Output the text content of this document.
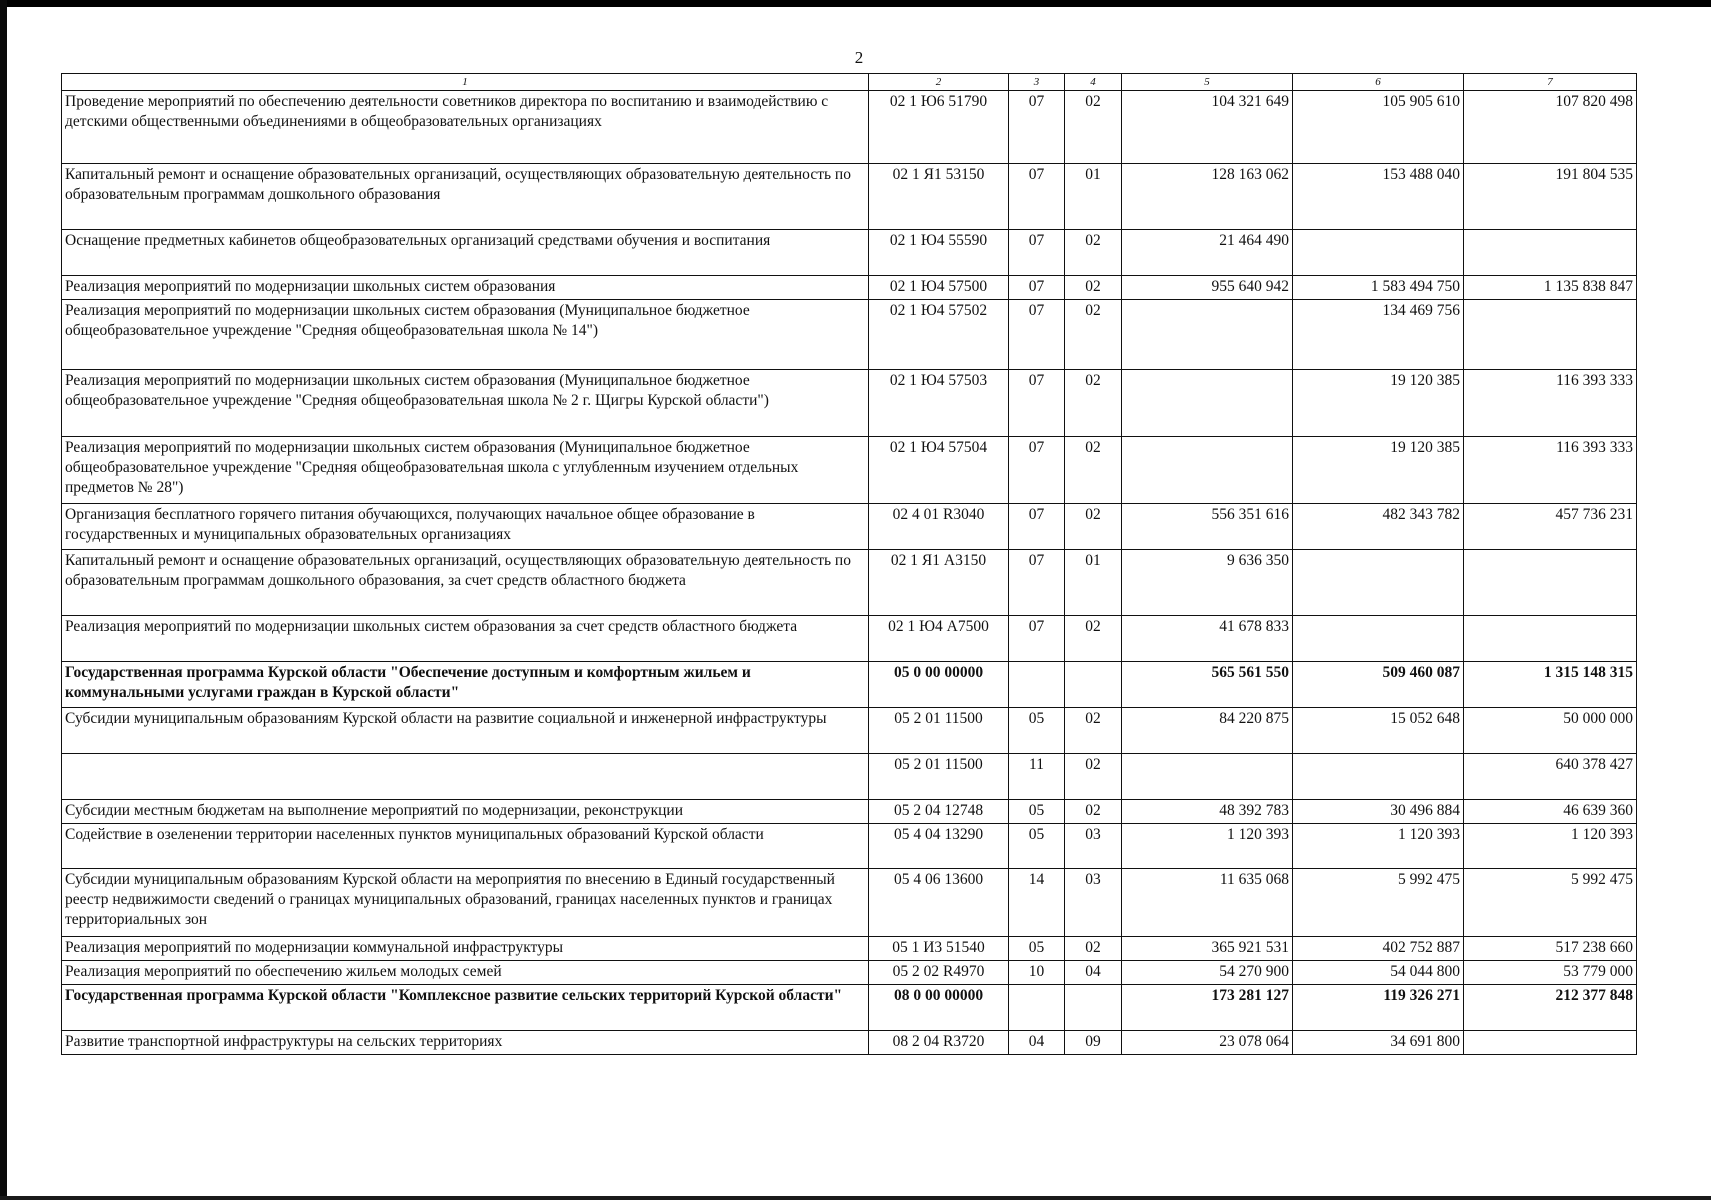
2
1	2	3	4	5	6	7
Проведение мероприятий по обеспечению деятельности советников директора по воспитанию и взаимодействию с детскими общественными объединениями в общеобразовательных организациях	02 1 Ю6 51790	07	02	104 321 649	105 905 610	107 820 498
Капитальный ремонт и оснащение образовательных организаций, осуществляющих образовательную деятельность по образовательным программам дошкольного образования	02 1 Я1 53150	07	01	128 163 062	153 488 040	191 804 535
Оснащение предметных кабинетов общеобразовательных организаций средствами обучения и воспитания	02 1 Ю4 55590	07	02	21 464 490		
Реализация мероприятий по модернизации школьных систем образования	02 1 Ю4 57500	07	02	955 640 942	1 583 494 750	1 135 838 847
Реализация мероприятий по модернизации школьных систем образования (Муниципальное бюджетное общеобразовательное учреждение "Средняя общеобразовательная школа № 14")	02 1 Ю4 57502	07	02		134 469 756	
Реализация мероприятий по модернизации школьных систем образования (Муниципальное бюджетное общеобразовательное учреждение "Средняя общеобразовательная школа № 2 г. Щигры Курской области")	02 1 Ю4 57503	07	02		19 120 385	116 393 333
Реализация мероприятий по модернизации школьных систем образования (Муниципальное бюджетное общеобразовательное учреждение "Средняя общеобразовательная школа с углубленным изучением отдельных предметов № 28")	02 1 Ю4 57504	07	02		19 120 385	116 393 333
Организация бесплатного горячего питания обучающихся, получающих начальное общее образование в государственных и муниципальных образовательных организациях	02 4 01 R3040	07	02	556 351 616	482 343 782	457 736 231
Капитальный ремонт и оснащение образовательных организаций, осуществляющих образовательную деятельность по образовательным программам дошкольного образования, за счет средств областного бюджета	02 1 Я1 А3150	07	01	9 636 350		
Реализация мероприятий по модернизации школьных систем образования за счет средств областного бюджета	02 1 Ю4 А7500	07	02	41 678 833		
Государственная программа Курской области "Обеспечение доступным и комфортным жильем и коммунальными услугами граждан в Курской области"	05 0 00 00000			565 561 550	509 460 087	1 315 148 315
Субсидии муниципальным образованиям Курской области на развитие социальной и инженерной инфраструктуры	05 2 01 11500	05	02	84 220 875	15 052 648	50 000 000
	05 2 01 11500	11	02			640 378 427
Субсидии местным бюджетам на выполнение мероприятий по модернизации, реконструкции	05 2 04 12748	05	02	48 392 783	30 496 884	46 639 360
Содействие в озеленении территории населенных пунктов муниципальных образований Курской области	05 4 04 13290	05	03	1 120 393	1 120 393	1 120 393
Субсидии муниципальным образованиям Курской области на мероприятия по внесению в Единый государственный реестр недвижимости сведений о границах муниципальных образований, границах населенных пунктов и границах территориальных зон	05 4 06 13600	14	03	11 635 068	5 992 475	5 992 475
Реализация мероприятий по модернизации коммунальной инфраструктуры	05 1 И3 51540	05	02	365 921 531	402 752 887	517 238 660
Реализация мероприятий по обеспечению жильем молодых семей	05 2 02 R4970	10	04	54 270 900	54 044 800	53 779 000
Государственная программа Курской области "Комплексное развитие сельских территорий Курской области"	08 0 00 00000			173 281 127	119 326 271	212 377 848
Развитие транспортной инфраструктуры на сельских территориях	08 2 04 R3720	04	09	23 078 064	34 691 800	
